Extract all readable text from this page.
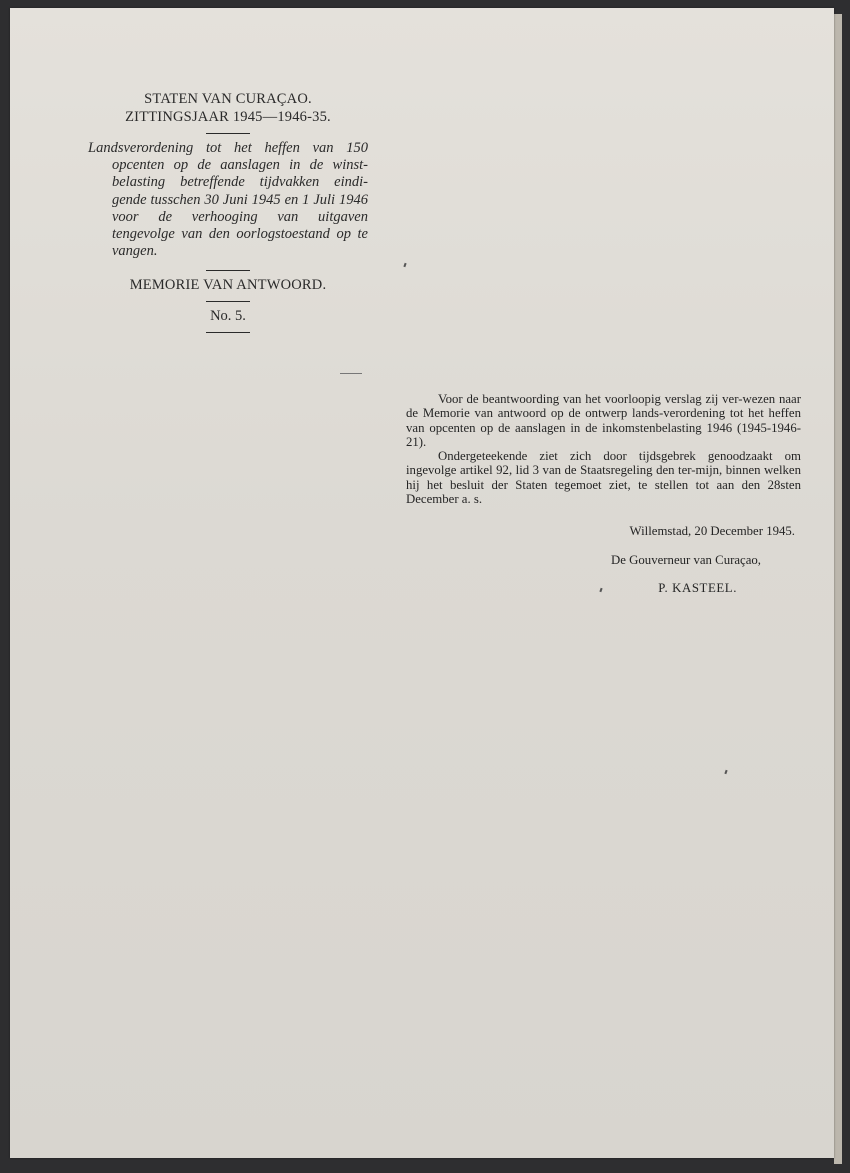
STATEN VAN CURAÇAO.

ZITTINGSJAAR 1945—1946-35.

Landsverordening tot het heffen van 150 opcenten op de aanslagen in de winst-belasting betreffende tijdvakken eindi-gende tusschen 30 Juni 1945 en 1 Juli 1946 voor de verhooging van uitgaven tengevolge van den oorlogstoestand op te vangen.

MEMORIE VAN ANTWOORD.
No. 5.

Voor de beantwoording van het voorloopig verslag zij ver-wezen naar de Memorie van antwoord op de ontwerp lands-verordening tot het heffen van opcenten op de aanslagen in de inkomstenbelasting 1946 (1945-1946-21).

Ondergeteekende ziet zich door tijdsgebrek genoodzaakt om ingevolge artikel 92, lid 3 van de Staatsregeling den ter-mijn, binnen welken hij het besluit der Staten tegemoet ziet, te stellen tot aan den 28sten December a. s.

Willemstad, 20 December 1945.
De Gouverneur van Curaçao,
P. KASTEEL.
